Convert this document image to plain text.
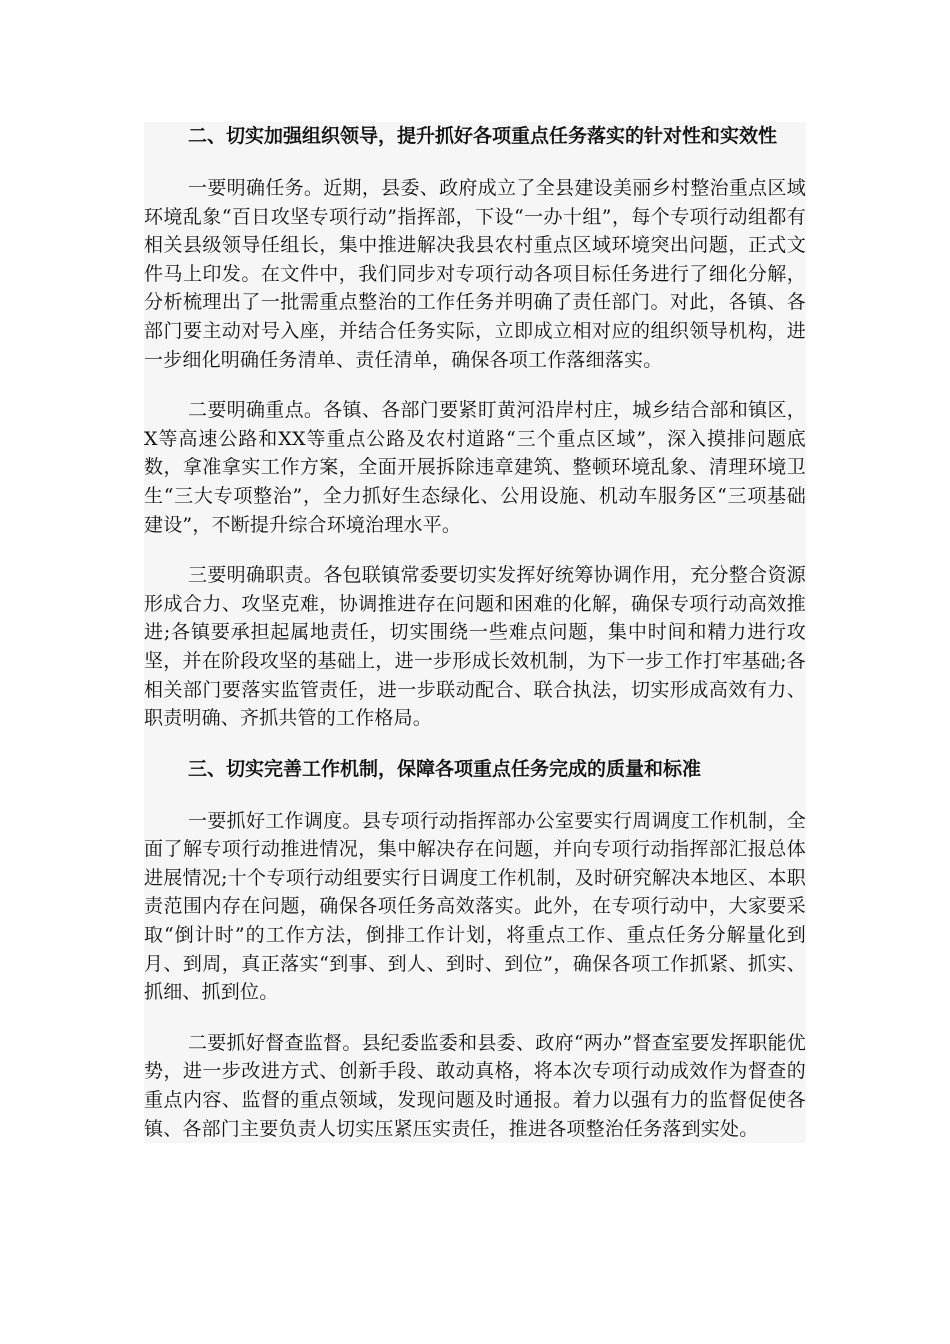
二、切实加强组织领导，提升抓好各项重点任务落实的针对性和实效性

一要明确任务。近期，县委、政府成立了全县建设美丽乡村整治重点区域环境乱象“百日攻坚专项行动”指挥部，下设“一办十组”，每个专项行动组都有相关县级领导任组长，集中推进解决我县农村重点区域环境突出问题，正式文件马上印发。在文件中，我们同步对专项行动各项目标任务进行了细化分解，分析梳理出了一批需重点整治的工作任务并明确了责任部门。对此，各镇、各部门要主动对号入座，并结合任务实际，立即成立相对应的组织领导机构，进一步细化明确任务清单、责任清单，确保各项工作落细落实。

二要明确重点。各镇、各部门要紧盯黄河沿岸村庄，城乡结合部和镇区，X等高速公路和XX等重点公路及农村道路“三个重点区域”，深入摸排问题底数，拿准拿实工作方案，全面开展拆除违章建筑、整顿环境乱象、清理环境卫生“三大专项整治”，全力抓好生态绿化、公用设施、机动车服务区“三项基础建设”，不断提升综合环境治理水平。

三要明确职责。各包联镇常委要切实发挥好统筹协调作用，充分整合资源形成合力、攻坚克难，协调推进存在问题和困难的化解，确保专项行动高效推进;各镇要承担起属地责任，切实围绕一些难点问题，集中时间和精力进行攻坚，并在阶段攻坚的基础上，进一步形成长效机制，为下一步工作打牢基础;各相关部门要落实监管责任，进一步联动配合、联合执法，切实形成高效有力、职责明确、齐抓共管的工作格局。

三、切实完善工作机制，保障各项重点任务完成的质量和标准

一要抓好工作调度。县专项行动指挥部办公室要实行周调度工作机制，全面了解专项行动推进情况，集中解决存在问题，并向专项行动指挥部汇报总体进展情况;十个专项行动组要实行日调度工作机制，及时研究解决本地区、本职责范围内存在问题，确保各项任务高效落实。此外，在专项行动中，大家要采取“倒计时”的工作方法，倒排工作计划，将重点工作、重点任务分解量化到月、到周，真正落实“到事、到人、到时、到位”，确保各项工作抓紧、抓实、抓细、抓到位。

二要抓好督查监督。县纪委监委和县委、政府“两办”督查室要发挥职能优势，进一步改进方式、创新手段、敢动真格，将本次专项行动成效作为督查的重点内容、监督的重点领域，发现问题及时通报。着力以强有力的监督促使各镇、各部门主要负责人切实压紧压实责任，推进各项整治任务落到实处。
